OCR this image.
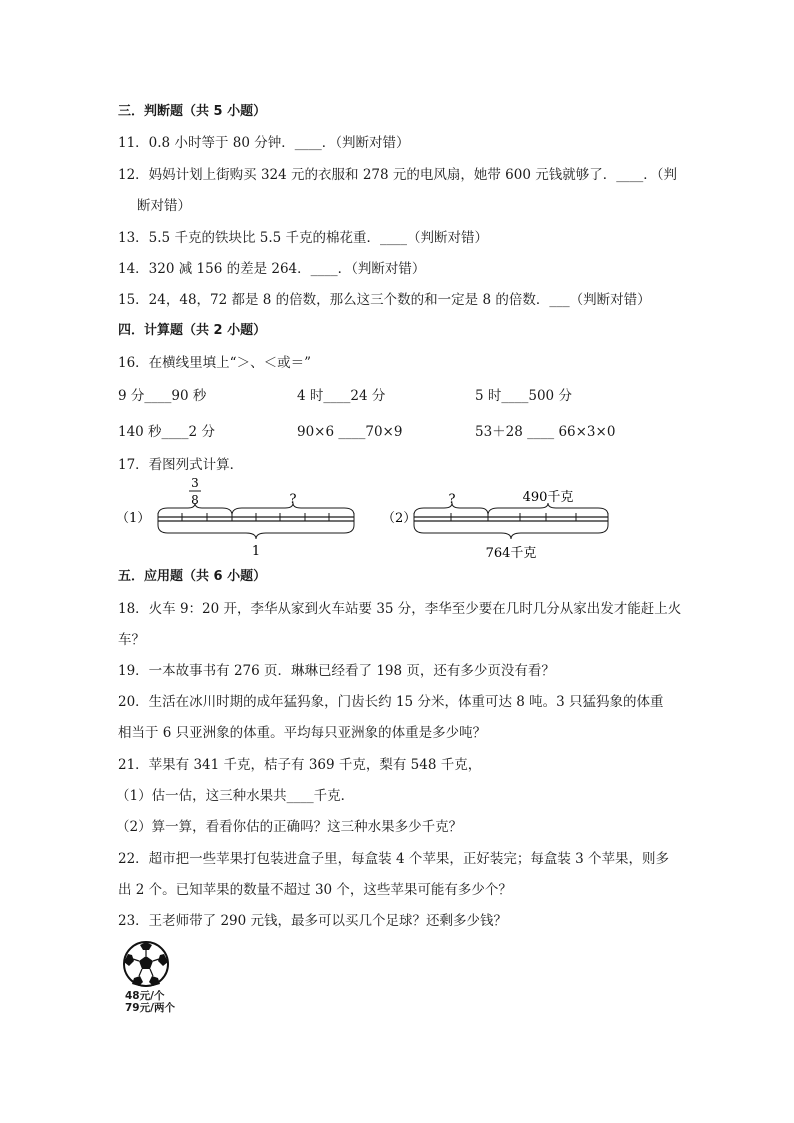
三．判断题（共 5 小题）
11．0.8 小时等于 80 分钟．____．（判断对错）
12．妈妈计划上街购买 324 元的衣服和 278 元的电风扇，她带 600 元钱就够了．____．（判
断对错）
13．5.5 千克的铁块比 5.5 千克的棉花重．____（判断对错）
14．320 减 156 的差是 264．____．（判断对错）
15．24，48，72 都是 8 的倍数，那么这三个数的和一定是 8 的倍数．___（判断对错）
四．计算题（共 2 小题）
16．在横线里填上“＞、＜或＝”
9 分____90 秒	4 时____24 分	5 时____500 分
140 秒____2 分	90×6 ____70×9	53＋28 ____ 66×3×0
17．看图列式计算．
（1）
3
8	?
1
（2）
?	490千克
764千克
五．应用题（共 6 小题）
18．火车 9：20 开，李华从家到火车站要 35 分，李华至少要在几时几分从家出发才能赶上火
车？
19．一本故事书有 276 页．琳琳已经看了 198 页，还有多少页没有看？
20．生活在冰川时期的成年猛犸象，门齿长约 15 分米，体重可达 8 吨。3 只猛犸象的体重
相当于 6 只亚洲象的体重。平均每只亚洲象的体重是多少吨？
21．苹果有 341 千克，桔子有 369 千克，梨有 548 千克，
（1）估一估，这三种水果共____千克．
（2）算一算，看看你估的正确吗？这三种水果多少千克？
22．超市把一些苹果打包装进盒子里，每盒装 4 个苹果，正好装完；每盒装 3 个苹果，则多
出 2 个。已知苹果的数量不超过 30 个，这些苹果可能有多少个？
23．王老师带了 290 元钱，最多可以买几个足球？还剩多少钱？
48元/个
79元/两个
